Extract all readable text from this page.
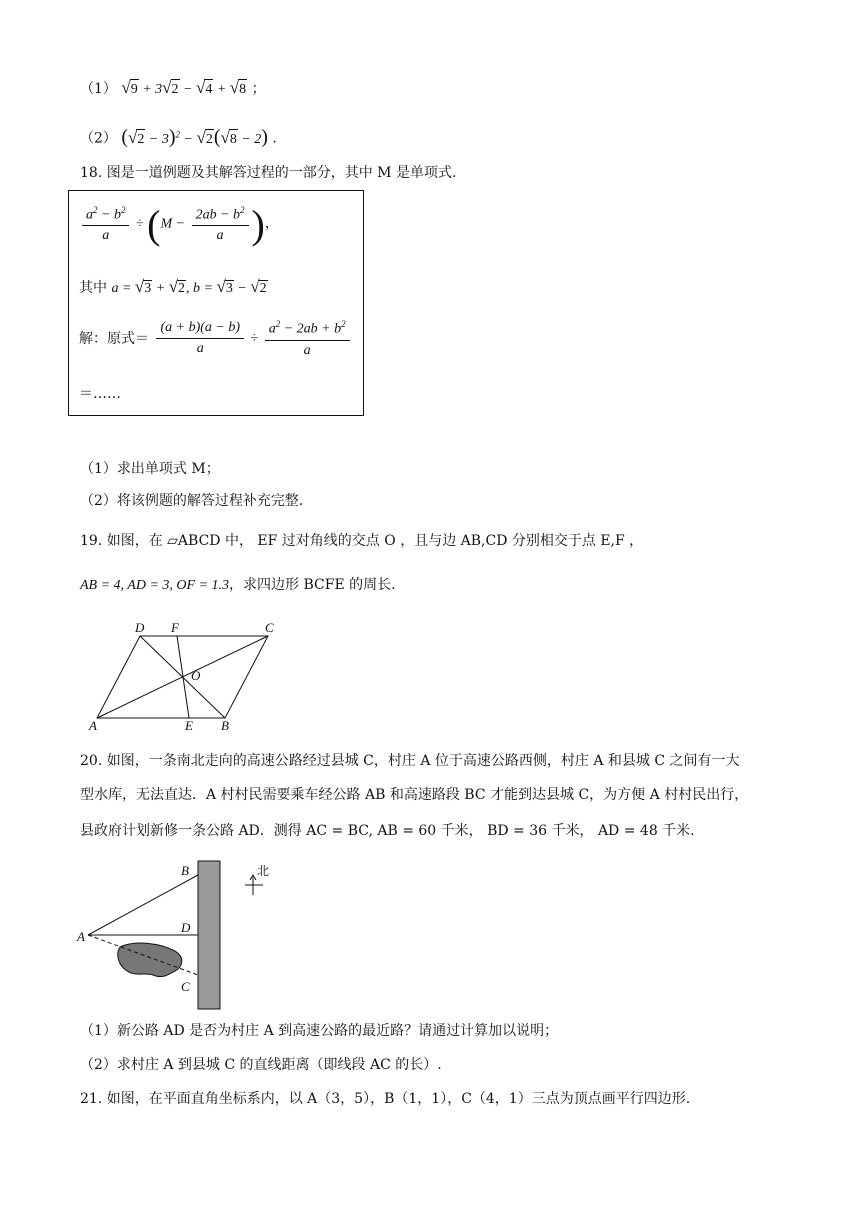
（1） √9 + 3√2 − √4 + √8 ；
（2） $(√2 - 3)^2 - √2(√8 - 2)$ .
18. 图是一道例题及其解答过程的一部分，其中 M 是单项式.
$\frac{a^2 - b^2}{a} \div (M - \frac{2ab - b^2}{a}$ )，
其中 a = √3 + √2, b = √3 − √2
解：原式＝ $\frac{(a + b)(a - b)}{a} \div \frac{a^2 - 2ab + b^2}{a}$
＝……
（1）求出单项式 M；
（2）将该例题的解答过程补充完整.
19. 如图，在 ▱ABCD 中， EF 过对角线的交点 O ，且与边 AB,CD 分别相交于点 E,F ，
AB = 4, AD = 3, OF = 1.3，求四边形 BCFE 的周长.
D F	C
O
A	E B
20. 如图，一条南北走向的高速公路经过县城 C，村庄 A 位于高速公路西侧，村庄 A 和县城 C 之间有一大
型水库，无法直达．A 村村民需要乘车经公路 AB 和高速路段 BC 才能到达县城 C，为方便 A 村村民出行，
县政府计划新修一条公路 AD．测得 AC = BC, AB = 60 千米， BD = 36 千米， AD = 48 千米.
B
D
A
C
北
（1）新公路 AD 是否为村庄 A 到高速公路的最近路？请通过计算加以说明；
（2）求村庄 A 到县城 C 的直线距离（即线段 AC 的长）.
21. 如图，在平面直角坐标系内，以 A（3，5），B（1，1），C（4，1）三点为顶点画平行四边形.
